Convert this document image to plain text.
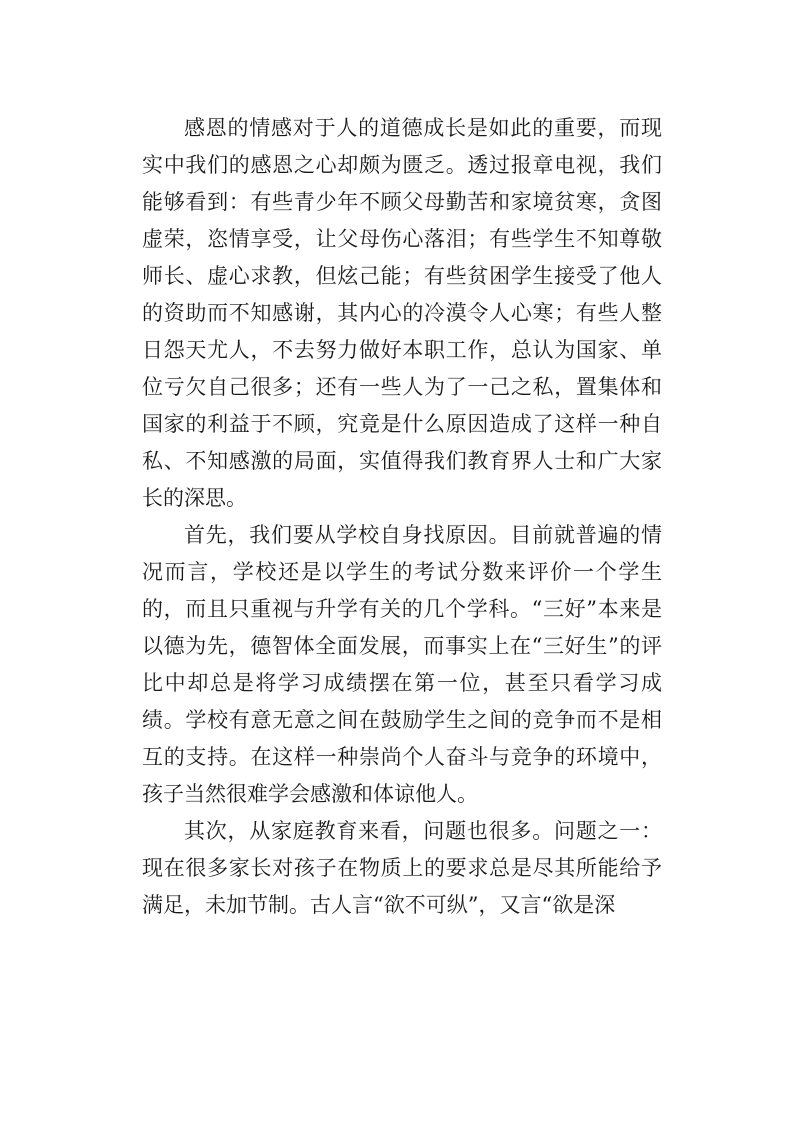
感恩的情感对于人的道德成长是如此的重要，而现实中我们的感恩之心却颇为匮乏。透过报章电视，我们能够看到：有些青少年不顾父母勤苦和家境贫寒，贪图虚荣，恣情享受，让父母伤心落泪；有些学生不知尊敬师长、虚心求教，但炫己能；有些贫困学生接受了他人的资助而不知感谢，其内心的冷漠令人心寒；有些人整日怨天尤人，不去努力做好本职工作，总认为国家、单位亏欠自己很多；还有一些人为了一己之私，置集体和国家的利益于不顾，究竟是什么原因造成了这样一种自私、不知感激的局面，实值得我们教育界人士和广大家长的深思。

首先，我们要从学校自身找原因。目前就普遍的情况而言，学校还是以学生的考试分数来评价一个学生的，而且只重视与升学有关的几个学科。“三好”本来是以德为先，德智体全面发展，而事实上在“三好生”的评比中却总是将学习成绩摆在第一位，甚至只看学习成绩。学校有意无意之间在鼓励学生之间的竞争而不是相互的支持。在这样一种崇尚个人奋斗与竞争的环境中，孩子当然很难学会感激和体谅他人。

其次，从家庭教育来看，问题也很多。问题之一：现在很多家长对孩子在物质上的要求总是尽其所能给予满足，未加节制。古人言“欲不可纵”，又言“欲是深
